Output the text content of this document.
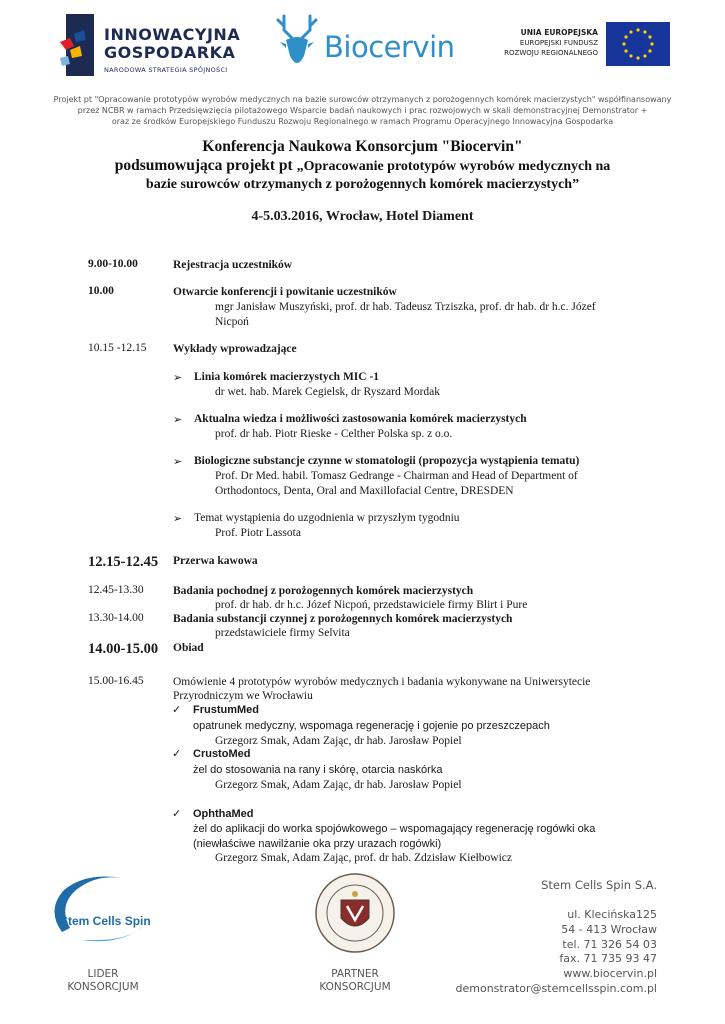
INNOWACYJNA
GOSPODARKA
NARODOWA STRATEGIA SPÓJNOŚCI
Biocervin	UNIA EUROPEJSKA
EUROPEJSKI FUNDUSZ
ROZWOJU REGIONALNEGO
Projekt pt "Opracowanie prototypów wyrobów medycznych na bazie surowców otrzymanych z porożogennych komórek macierzystych" współfinansowany
przez NCBR w ramach Przedsięwzięcia pilotażowego Wsparcie badań naukowych i prac rozwojowych w skali demonstracyjnej Demonstrator +
oraz ze środków Europejskiego Funduszu Rozwoju Regionalnego w ramach Programu Operacyjnego Innowacyjna Gospodarka
Konferencja Naukowa Konsorcjum "Biocervin"
podsumowująca projekt pt „Opracowanie prototypów wyrobów medycznych na
bazie surowców otrzymanych z porożogennych komórek macierzystych”
4-5.03.2016, Wrocław, Hotel Diament
9.00-10.00	Rejestracja uczestników
10.00	Otwarcie konferencji i powitanie uczestników
mgr Janisław Muszyński, prof. dr hab. Tadeusz Trziszka, prof. dr hab. dr h.c. Józef
Nicpoń
10.15 -12.15 Wykłady wprowadzające
➢ Linia komórek macierzystych MIC -1
dr wet. hab. Marek Cegielsk, dr Ryszard Mordak
➢ Aktualna wiedza i możliwości zastosowania komórek macierzystych
prof. dr hab. Piotr Rieske - Celther Polska sp. z o.o.
➢ Biologiczne substancje czynne w stomatologii (propozycja wystąpienia tematu)
Prof. Dr Med. habil. Tomasz Gedrange - Chairman and Head of Department of
Orthodontocs, Denta, Oral and Maxillofacial Centre, DRESDEN
➢ Temat wystąpienia do uzgodnienia w przyszłym tygodniu
Prof. Piotr Lassota
12.15-12.45 Przerwa kawowa
12.45-13.30	Badania pochodnej z porożogennych komórek macierzystych
prof. dr hab. dr h.c. Józef Nicpoń, przedstawiciele firmy Blirt i Pure
13.30-14.00	Badania substancji czynnej z porożogennych komórek macierzystych
przedstawiciele firmy Selvita
14.00-15.00 Obiad
15.00-16.45	Omówienie 4 prototypów wyrobów medycznych i badania wykonywane na Uniwersytecie
Przyrodniczym we Wrocławiu
✓ FrustumMed
opatrunek medyczny, wspomaga regenerację i gojenie po przeszczepach
Grzegorz Smak, Adam Zając, dr hab. Jarosław Popiel
✓ CrustoMed
żel do stosowania na rany i skórę, otarcia naskórka
Grzegorz Smak, Adam Zając, dr hab. Jarosław Popiel
✓ OphthaMed
żel do aplikacji do worka spojówkowego – wspomagający regenerację rogówki oka
(niewłaściwe nawilżanie oka przy urazach rogówki)
Grzegorz Smak, Adam Zając, prof. dr hab. Zdzisław Kiełbowicz
Stem Cells Spin
LIDER
KONSORCJUM
PARTNER
KONSORCJUM
Stem Cells Spin S.A.
ul. Klecińska125
54 - 413 Wrocław
tel. 71 326 54 03
fax. 71 735 93 47
www.biocervin.pl
demonstrator@stemcellsspin.com.pl
